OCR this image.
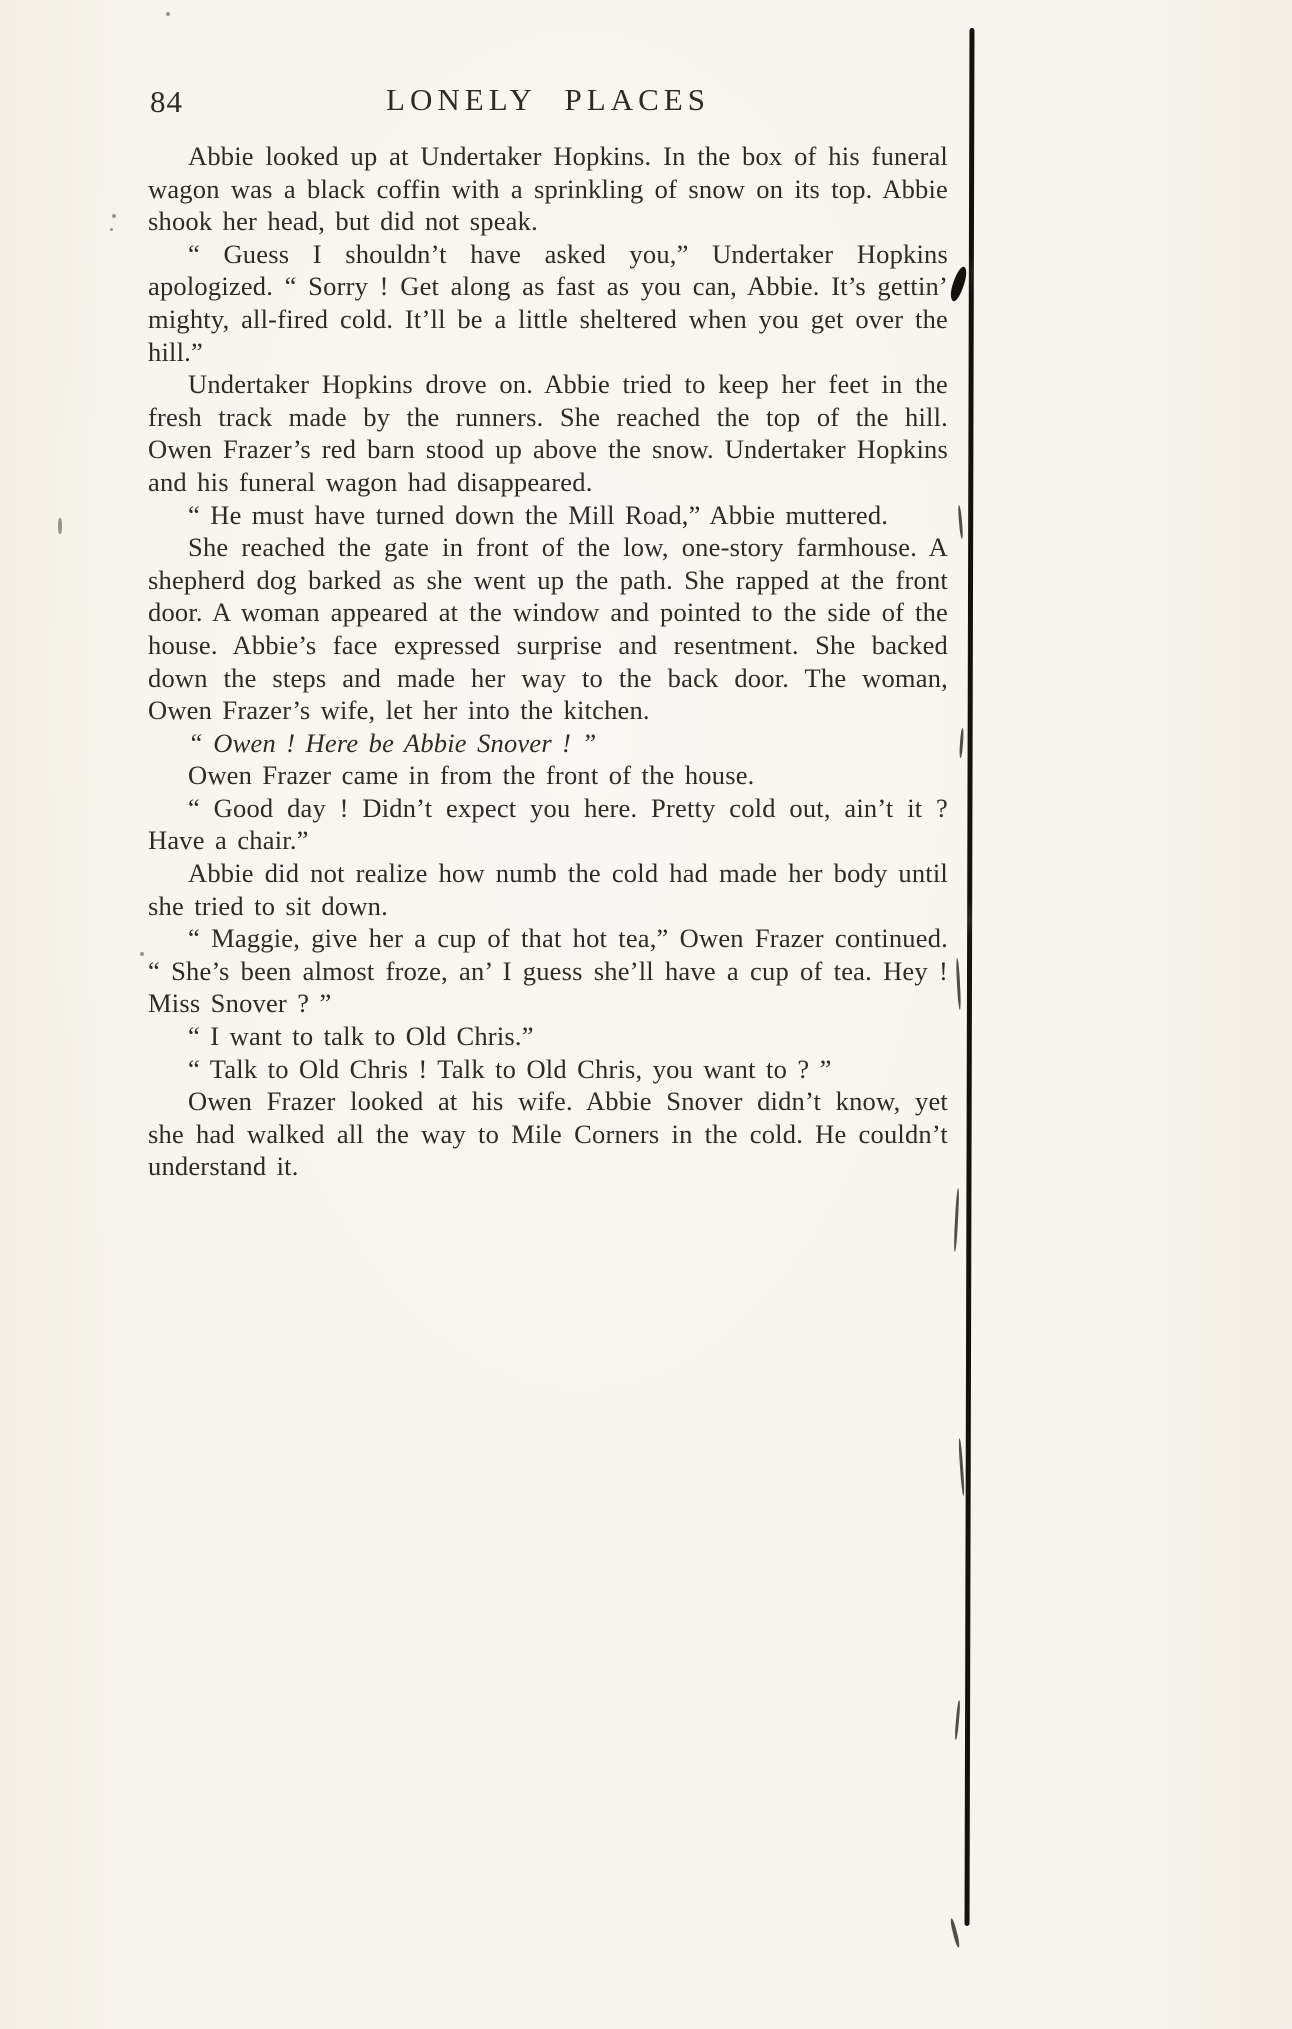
84	LONELY PLACES

Abbie looked up at Undertaker Hopkins. In the box of his funeral wagon was a black coffin with a sprinkling of snow on its top. Abbie shook her head, but did not speak.

“ Guess I shouldn’t have asked you,” Undertaker Hopkins apologized. “ Sorry ! Get along as fast as you can, Abbie. It’s gettin’ mighty, all-fired cold. It’ll be a little sheltered when you get over the hill.”

Undertaker Hopkins drove on. Abbie tried to keep her feet in the fresh track made by the runners. She reached the top of the hill. Owen Frazer’s red barn stood up above the snow. Undertaker Hopkins and his funeral wagon had disappeared.

“ He must have turned down the Mill Road,” Abbie muttered.

She reached the gate in front of the low, one-story farmhouse. A shepherd dog barked as she went up the path. She rapped at the front door. A woman appeared at the window and pointed to the side of the house. Abbie’s face expressed surprise and resentment. She backed down the steps and made her way to the back door. The woman, Owen Frazer’s wife, let her into the kitchen.

“ Owen ! Here be Abbie Snover ! ”

Owen Frazer came in from the front of the house.

“ Good day ! Didn’t expect you here. Pretty cold out, ain’t it ? Have a chair.”

Abbie did not realize how numb the cold had made her body until she tried to sit down.

“ Maggie, give her a cup of that hot tea,” Owen Frazer continued. “ She’s been almost froze, an’ I guess she’ll have a cup of tea. Hey ! Miss Snover ? ”

“ I want to talk to Old Chris.”

“ Talk to Old Chris ! Talk to Old Chris, you want to ? ”

Owen Frazer looked at his wife. Abbie Snover didn’t know, yet she had walked all the way to Mile Corners in the cold. He couldn’t understand it.
